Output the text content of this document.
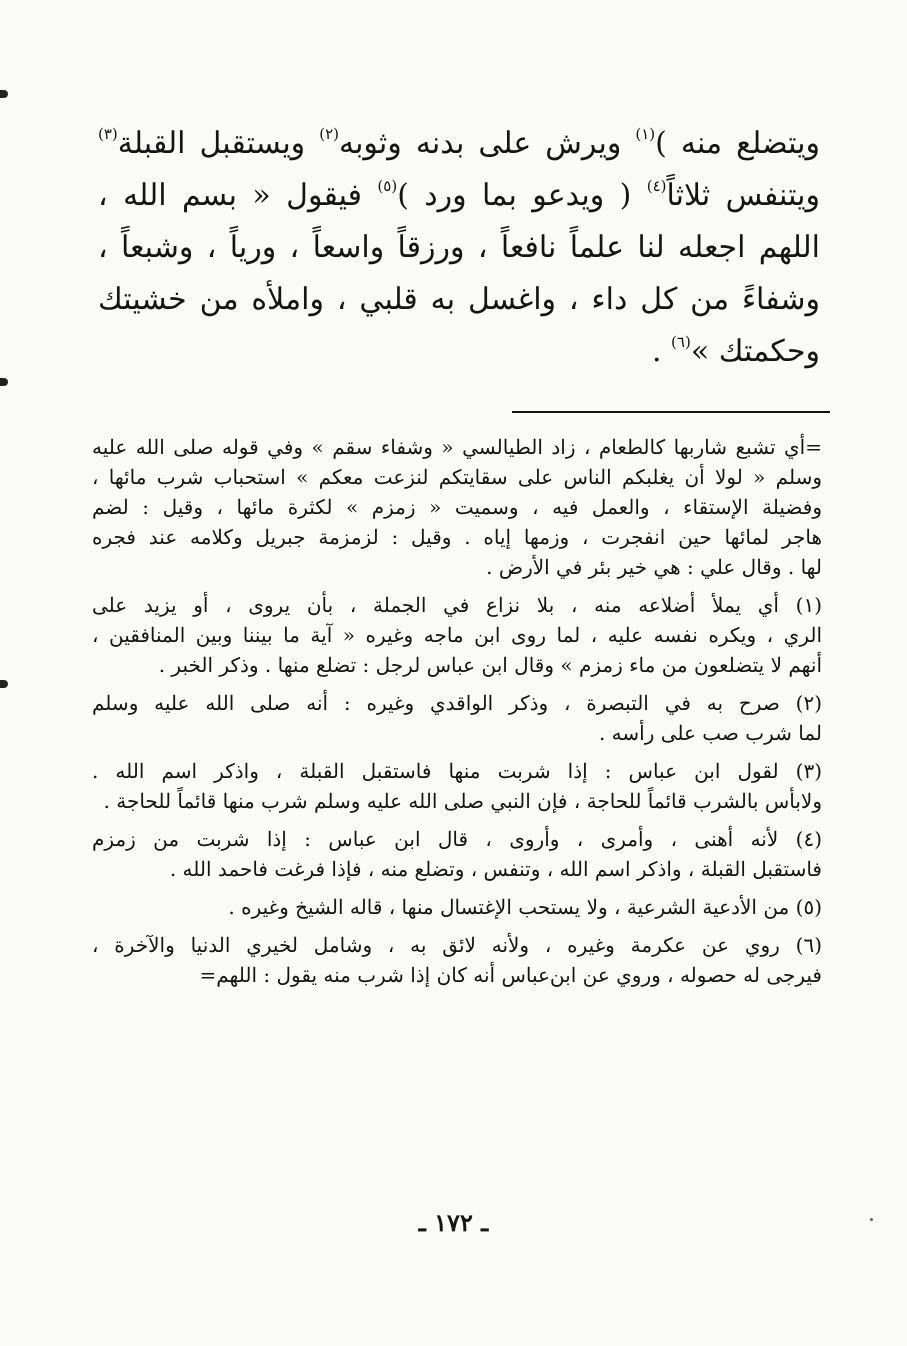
ويتضلع منه )$^{(١)}$ ويرش على بدنه وثوبه$^{(٢)}$ ويستقبل القبلة$^{(٣)}$
ويتنفس ثلاثاً$^{(٤)}$ ( ويدعو بما ورد )$^{(٥)}$ فيقول « بسم الله ،
اللهم اجعله لنا علماً نافعاً ، ورزقاً واسعاً ، ورياً ، وشبعاً ،
وشفاءً من كل داء ، واغسل به قلبي ، واملأه من خشيتك
وحكمتك »$^{(٦)}$ .
=أي تشبع شاربها كالطعام ، زاد الطيالسي « وشفاء سقم » وفي قوله صلى الله عليه
وسلم « لولا أن يغلبكم الناس على سقايتكم لنزعت معكم » استحباب شرب مائها ،
وفضيلة الإستقاء ، والعمل فيه ، وسميت « زمزم » لكثرة مائها ، وقيل : لضم
هاجر لمائها حين انفجرت ، وزمها إياه . وقيل : لزمزمة جبريل وكلامه عند فجره
لها . وقال علي : هي خير بئر في الأرض .
(١) أي يملأ أضلاعه منه ، بلا نزاع في الجملة ، بأن يروى ، أو يزيد على
الري ، ويكره نفسه عليه ، لما روى ابن ماجه وغيره « آية ما بيننا وبين المنافقين ،
أنهم لا يتضلعون من ماء زمزم » وقال ابن عباس لرجل : تضلع منها . وذكر الخبر .
(٢) صرح به في التبصرة ، وذكر الواقدي وغيره : أنه صلى الله عليه وسلم
لما شرب صب على رأسه .
(٣) لقول ابن عباس : إذا شربت منها فاستقبل القبلة ، واذكر اسم الله .
ولابأس بالشرب قائماً للحاجة ، فإن النبي صلى الله عليه وسلم شرب منها قائماً للحاجة .
(٤) لأنه أهنى ، وأمرى ، وأروى ، قال ابن عباس : إذا شربت من زمزم
فاستقبل القبلة ، واذكر اسم الله ، وتنفس ، وتضلع منه ، فإذا فرغت فاحمد الله .
(٥) من الأدعية الشرعية ، ولا يستحب الإغتسال منها ، قاله الشيخ وغيره .
(٦) روي عن عكرمة وغيره ، ولأنه لائق به ، وشامل لخيري الدنيا والآخرة ،
فيرجى له حصوله ، وروي عن ابن‌عباس أنه كان إذا شرب منه يقول : اللهم=
ـ ١٧٢ ـ
